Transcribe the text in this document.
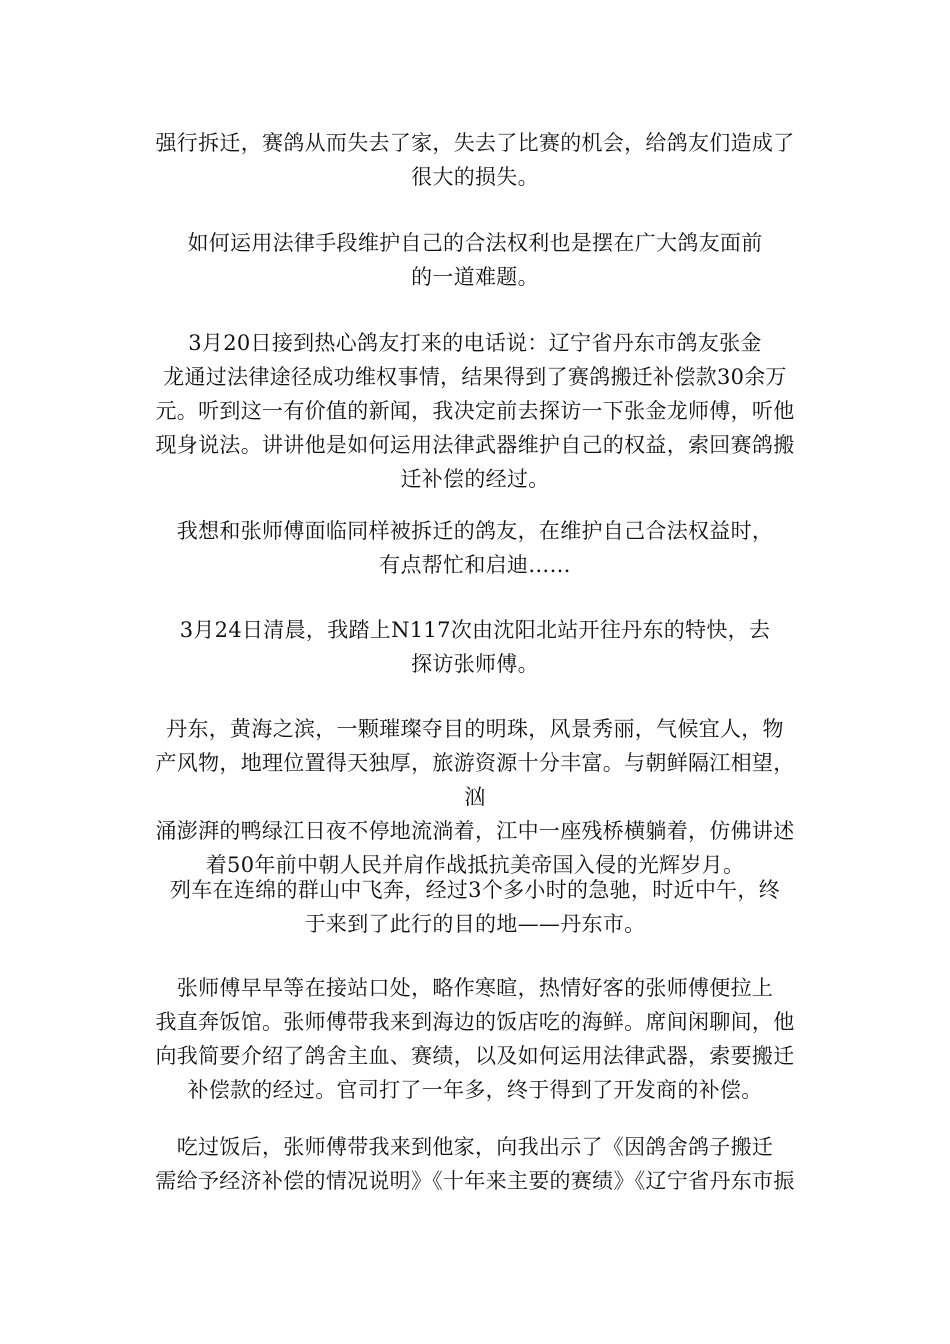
强行拆迁，赛鸽从而失去了家，失去了比赛的机会，给鸽友们造成了
很大的损失。

如何运用法律手段维护自己的合法权利也是摆在广大鸽友面前
的一道难题。

3月20日接到热心鸽友打来的电话说：辽宁省丹东市鸽友张金
龙通过法律途径成功维权事情，结果得到了赛鸽搬迁补偿款30余万
元。听到这一有价值的新闻，我决定前去探访一下张金龙师傅，听他
现身说法。讲讲他是如何运用法律武器维护自己的权益，索回赛鸽搬
迁补偿的经过。

我想和张师傅面临同样被拆迁的鸽友，在维护自己合法权益时，
有点帮忙和启迪……

3月24日清晨，我踏上N117次由沈阳北站开往丹东的特快，去
探访张师傅。

丹东，黄海之滨，一颗璀璨夺目的明珠，风景秀丽，气候宜人，物
产风物，地理位置得天独厚，旅游资源十分丰富。与朝鲜隔江相望，汹
涌澎湃的鸭绿江日夜不停地流淌着，江中一座残桥横躺着，仿佛讲述
着50年前中朝人民并肩作战抵抗美帝国入侵的光辉岁月。

列车在连绵的群山中飞奔，经过3个多小时的急驰，时近中午，终
于来到了此行的目的地——丹东市。

张师傅早早等在接站口处，略作寒暄，热情好客的张师傅便拉上
我直奔饭馆。张师傅带我来到海边的饭店吃的海鲜。席间闲聊间，他
向我简要介绍了鸽舍主血、赛绩，以及如何运用法律武器，索要搬迁
补偿款的经过。官司打了一年多，终于得到了开发商的补偿。

吃过饭后，张师傅带我来到他家，向我出示了《因鸽舍鸽子搬迁
需给予经济补偿的情况说明》《十年来主要的赛绩》《辽宁省丹东市振
